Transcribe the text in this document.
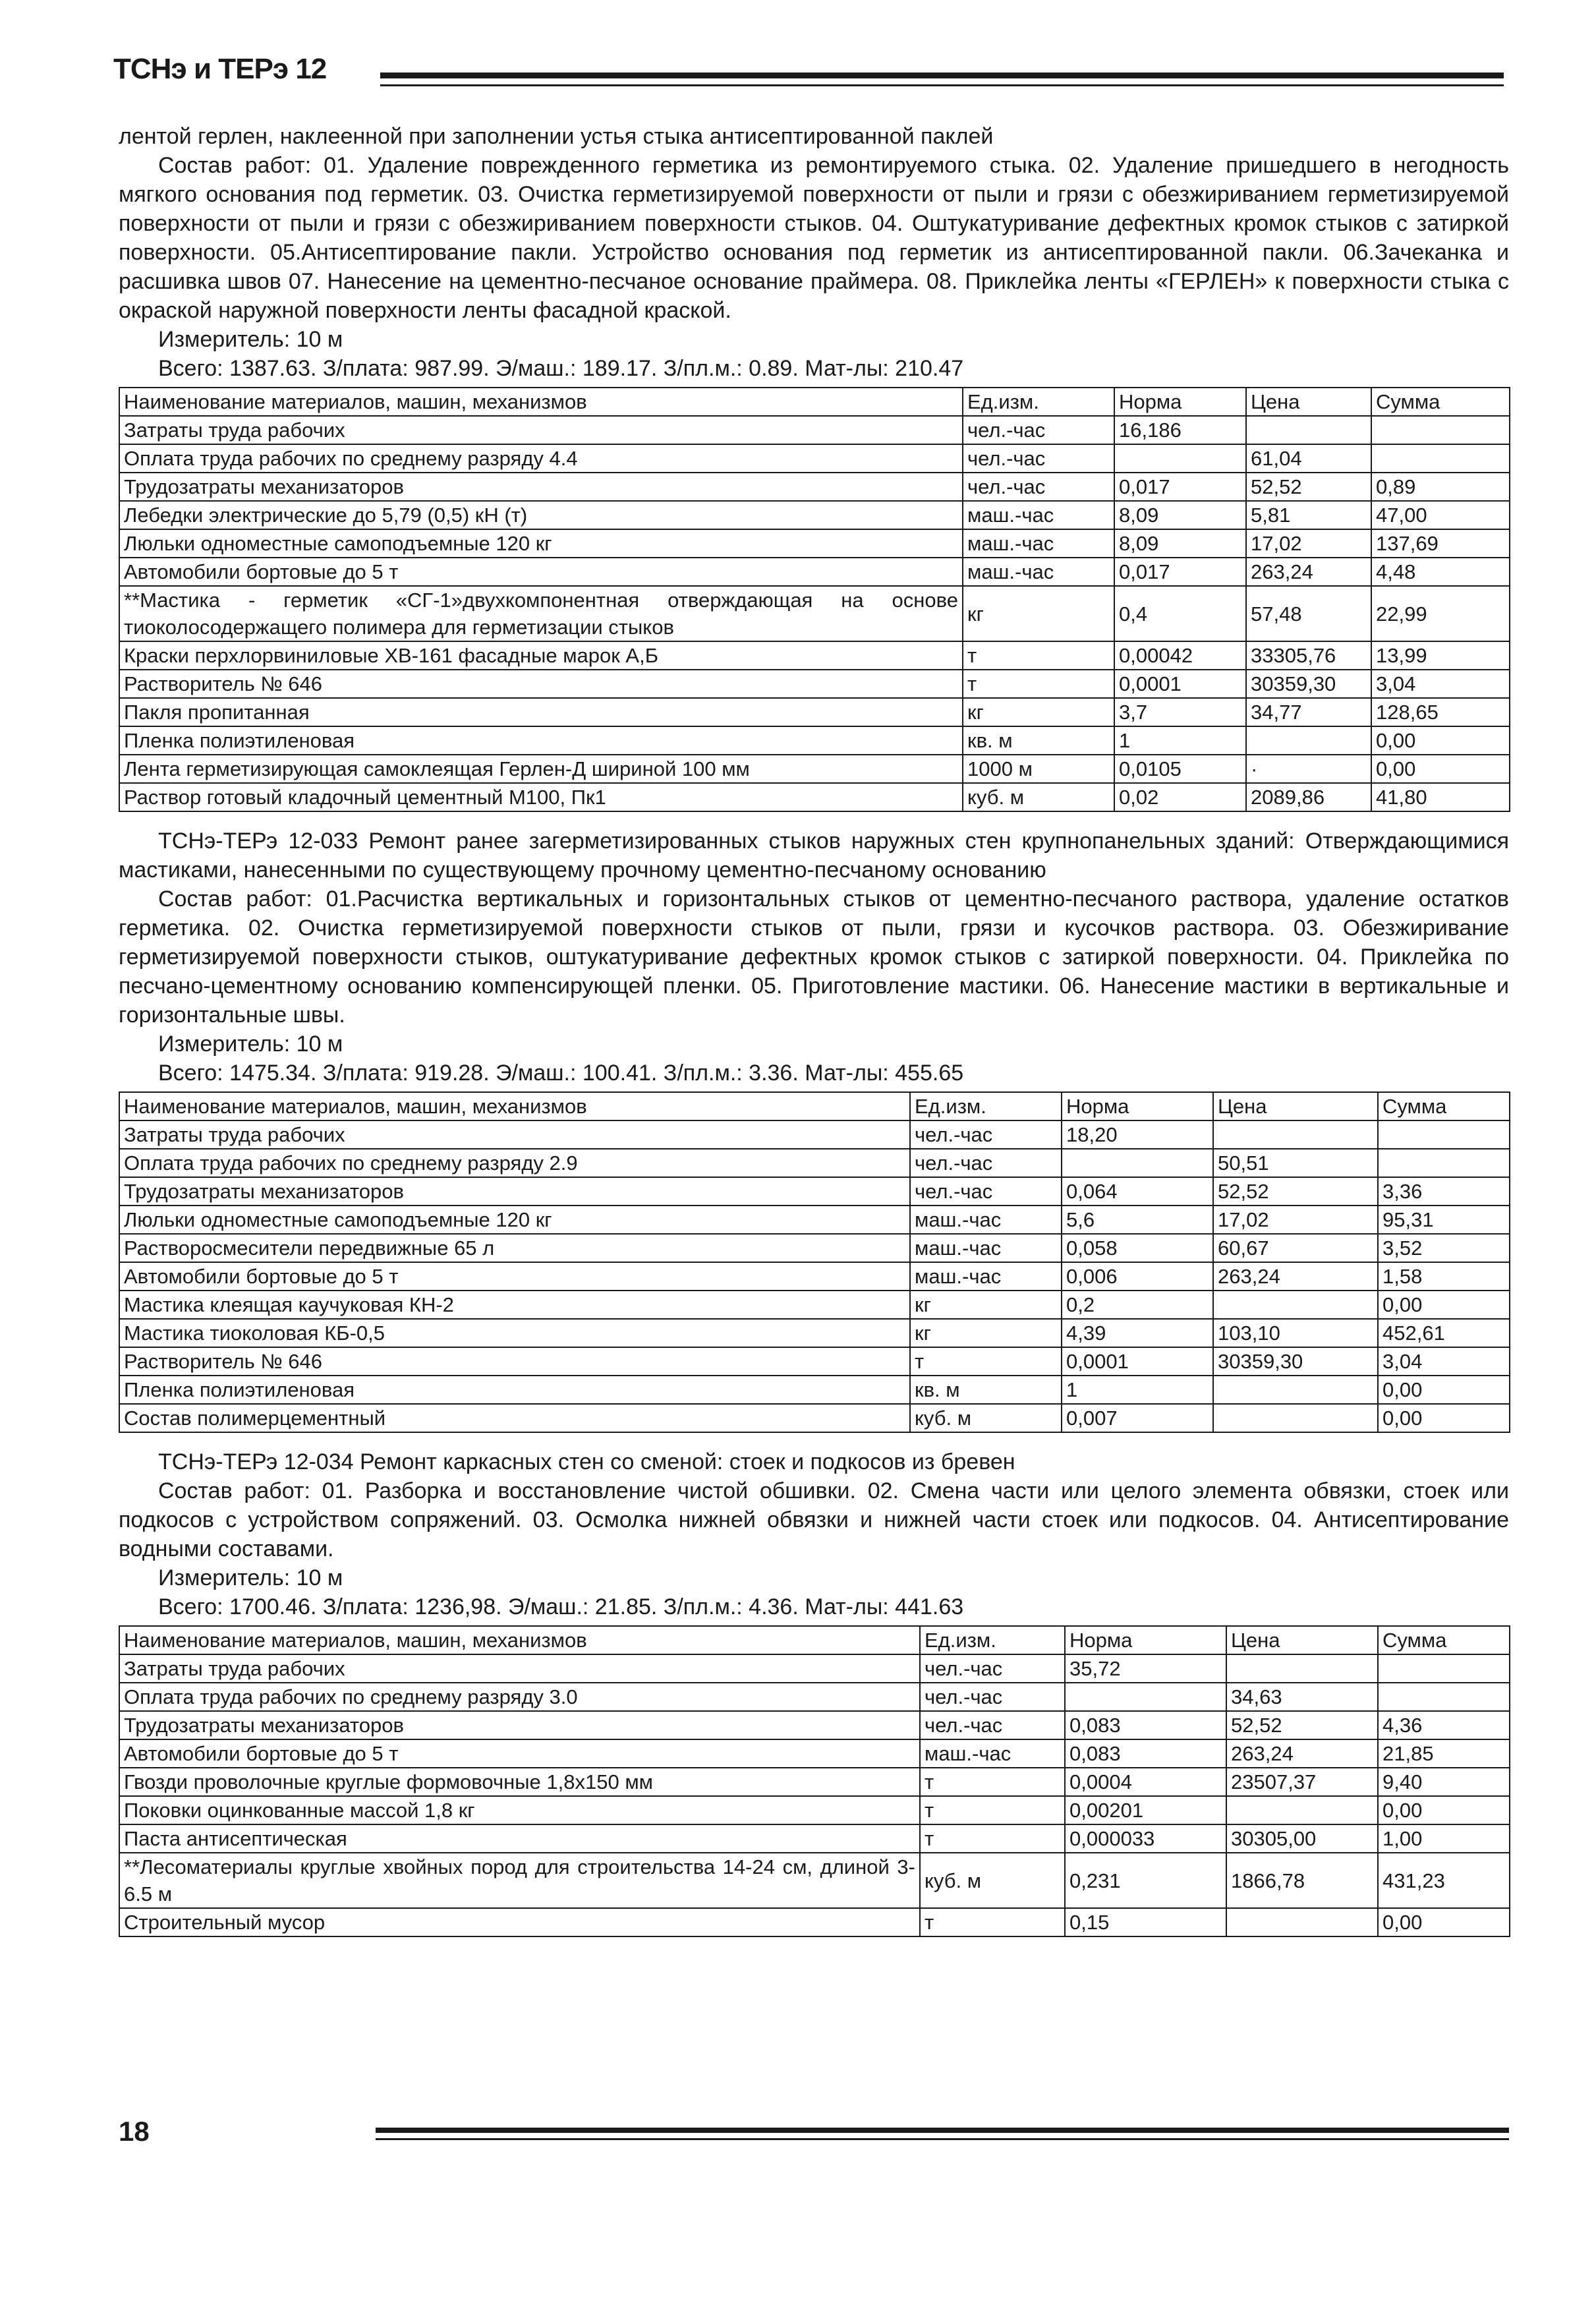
ТСНэ и ТЕРэ 12

лентой герлен, наклеенной при заполнении устья стыка антисептированной паклей

Состав работ: 01. Удаление поврежденного герметика из ремонтируемого стыка. 02. Удаление пришедшего в негодность мягкого основания под герметик. 03. Очистка герметизируемой поверхности от пыли и грязи с обезжириванием герметизируемой поверхности от пыли и грязи с обезжириванием поверхности стыков. 04. Оштукатуривание дефектных кромок стыков с затиркой поверхности. 05.Антисептирование пакли. Устройство основания под герметик из антисептированной пакли. 06.Зачеканка и расшивка швов 07. Нанесение на цементно-песчаное основание праймера. 08. Приклейка ленты «ГЕРЛЕН» к поверхности стыка с окраской наружной поверхности ленты фасадной краской.

Измеритель: 10 м

Всего: 1387.63. З/плата: 987.99. Э/маш.: 189.17. З/пл.м.: 0.89. Мат-лы: 210.47

Наименование материалов, машин, механизмов	Ед.изм.	Норма	Цена	Сумма
Затраты труда рабочих	чел.-час	16,186		
Оплата труда рабочих по среднему разряду 4.4	чел.-час		61,04	
Трудозатраты механизаторов	чел.-час	0,017	52,52	0,89
Лебедки электрические до 5,79 (0,5) кН (т)	маш.-час	8,09	5,81	47,00
Люльки одноместные самоподъемные 120 кг	маш.-час	8,09	17,02	137,69
Автомобили бортовые до 5 т	маш.-час	0,017	263,24	4,48
**Мастика - герметик «СГ-1»двухкомпонентная отверждающая на основе тиоколосодержащего полимера для герметизации стыков	кг	0,4	57,48	22,99
Краски перхлорвиниловые ХВ-161 фасадные марок А,Б	т	0,00042	33305,76	13,99
Растворитель № 646	т	0,0001	30359,30	3,04
Пакля пропитанная	кг	3,7	34,77	128,65
Пленка полиэтиленовая	кв. м	1		0,00
Лента герметизирующая самоклеящая Герлен-Д шириной 100 мм	1000 м	0,0105	·	0,00
Раствор готовый кладочный цементный М100, Пк1	куб. м	0,02	2089,86	41,80

ТСНэ-ТЕРэ 12-033 Ремонт ранее загерметизированных стыков наружных стен крупнопанельных зданий: Отверждающимися мастиками, нанесенными по существующему прочному цементно-песчаному основанию

Состав работ: 01.Расчистка вертикальных и горизонтальных стыков от цементно-песчаного раствора, удаление остатков герметика. 02. Очистка герметизируемой поверхности стыков от пыли, грязи и кусочков раствора. 03. Обезжиривание герметизируемой поверхности стыков, оштукатуривание дефектных кромок стыков с затиркой поверхности. 04. Приклейка по песчано-цементному основанию компенсирующей пленки. 05. Приготовление мастики. 06. Нанесение мастики в вертикальные и горизонтальные швы.

Измеритель: 10 м

Всего: 1475.34. З/плата: 919.28. Э/маш.: 100.41. З/пл.м.: 3.36. Мат-лы: 455.65

Наименование материалов, машин, механизмов	Ед.изм.	Норма	Цена	Сумма
Затраты труда рабочих	чел.-час	18,20		
Оплата труда рабочих по среднему разряду 2.9	чел.-час		50,51	
Трудозатраты механизаторов	чел.-час	0,064	52,52	3,36
Люльки одноместные самоподъемные 120 кг	маш.-час	5,6	17,02	95,31
Растворосмесители передвижные 65 л	маш.-час	0,058	60,67	3,52
Автомобили бортовые до 5 т	маш.-час	0,006	263,24	1,58
Мастика клеящая каучуковая КН-2	кг	0,2		0,00
Мастика тиоколовая КБ-0,5	кг	4,39	103,10	452,61
Растворитель № 646	т	0,0001	30359,30	3,04
Пленка полиэтиленовая	кв. м	1		0,00
Состав полимерцементный	куб. м	0,007		0,00

ТСНэ-ТЕРэ 12-034 Ремонт каркасных стен со сменой: стоек и подкосов из бревен

Состав работ: 01. Разборка и восстановление чистой обшивки. 02. Смена части или целого элемента обвязки, стоек или подкосов с устройством сопряжений. 03. Осмолка нижней обвязки и нижней части стоек или подкосов. 04. Антисептирование водными составами.

Измеритель: 10 м

Всего: 1700.46. З/плата: 1236,98. Э/маш.: 21.85. З/пл.м.: 4.36. Мат-лы: 441.63

Наименование материалов, машин, механизмов	Ед.изм.	Норма	Цена	Сумма
Затраты труда рабочих	чел.-час	35,72		
Оплата труда рабочих по среднему разряду 3.0	чел.-час		34,63	
Трудозатраты механизаторов	чел.-час	0,083	52,52	4,36
Автомобили бортовые до 5 т	маш.-час	0,083	263,24	21,85
Гвозди проволочные круглые формовочные 1,8х150 мм	т	0,0004	23507,37	9,40
Поковки оцинкованные массой 1,8 кг	т	0,00201		0,00
Паста антисептическая	т	0,000033	30305,00	1,00
**Лесоматериалы круглые хвойных пород для строительства 14-24 см, длиной 3-6.5 м	куб. м	0,231	1866,78	431,23
Строительный мусор	т	0,15		0,00
18
